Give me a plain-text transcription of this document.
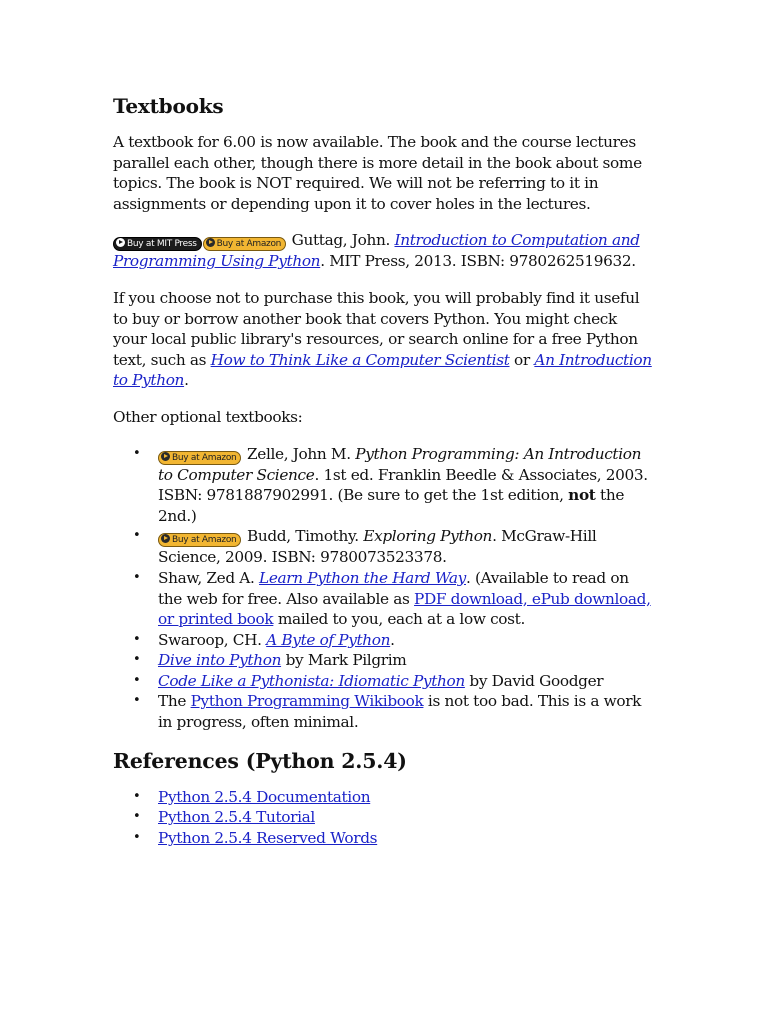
Textbooks

A textbook for 6.00 is now available. The book and the course lectures parallel each other, though there is more detail in the book about some topics. The book is NOT required. We will not be referring to it in assignments or depending upon it to cover holes in the lectures.

Buy at MIT Press Buy at Amazon Guttag, John. Introduction to Computation and Programming Using Python. MIT Press, 2013. ISBN: 9780262519632.

If you choose not to purchase this book, you will probably find it useful to buy or borrow another book that covers Python. You might check your local public library's resources, or search online for a free Python text, such as How to Think Like a Computer Scientist or An Introduction to Python.

Other optional textbooks:

• Buy at Amazon Zelle, John M. Python Programming: An Introduction to Computer Science. 1st ed. Franklin Beedle & Associates, 2003. ISBN: 9781887902991. (Be sure to get the 1st edition, not the 2nd.)
• Buy at Amazon Budd, Timothy. Exploring Python. McGraw-Hill Science, 2009. ISBN: 9780073523378.
• Shaw, Zed A. Learn Python the Hard Way. (Available to read on the web for free. Also available as PDF download, ePub download, or printed book mailed to you, each at a low cost.
• Swaroop, CH. A Byte of Python.
• Dive into Python by Mark Pilgrim
• Code Like a Pythonista: Idiomatic Python by David Goodger
• The Python Programming Wikibook is not too bad. This is a work in progress, often minimal.
References (Python 2.5.4)
• Python 2.5.4 Documentation
• Python 2.5.4 Tutorial
• Python 2.5.4 Reserved Words
